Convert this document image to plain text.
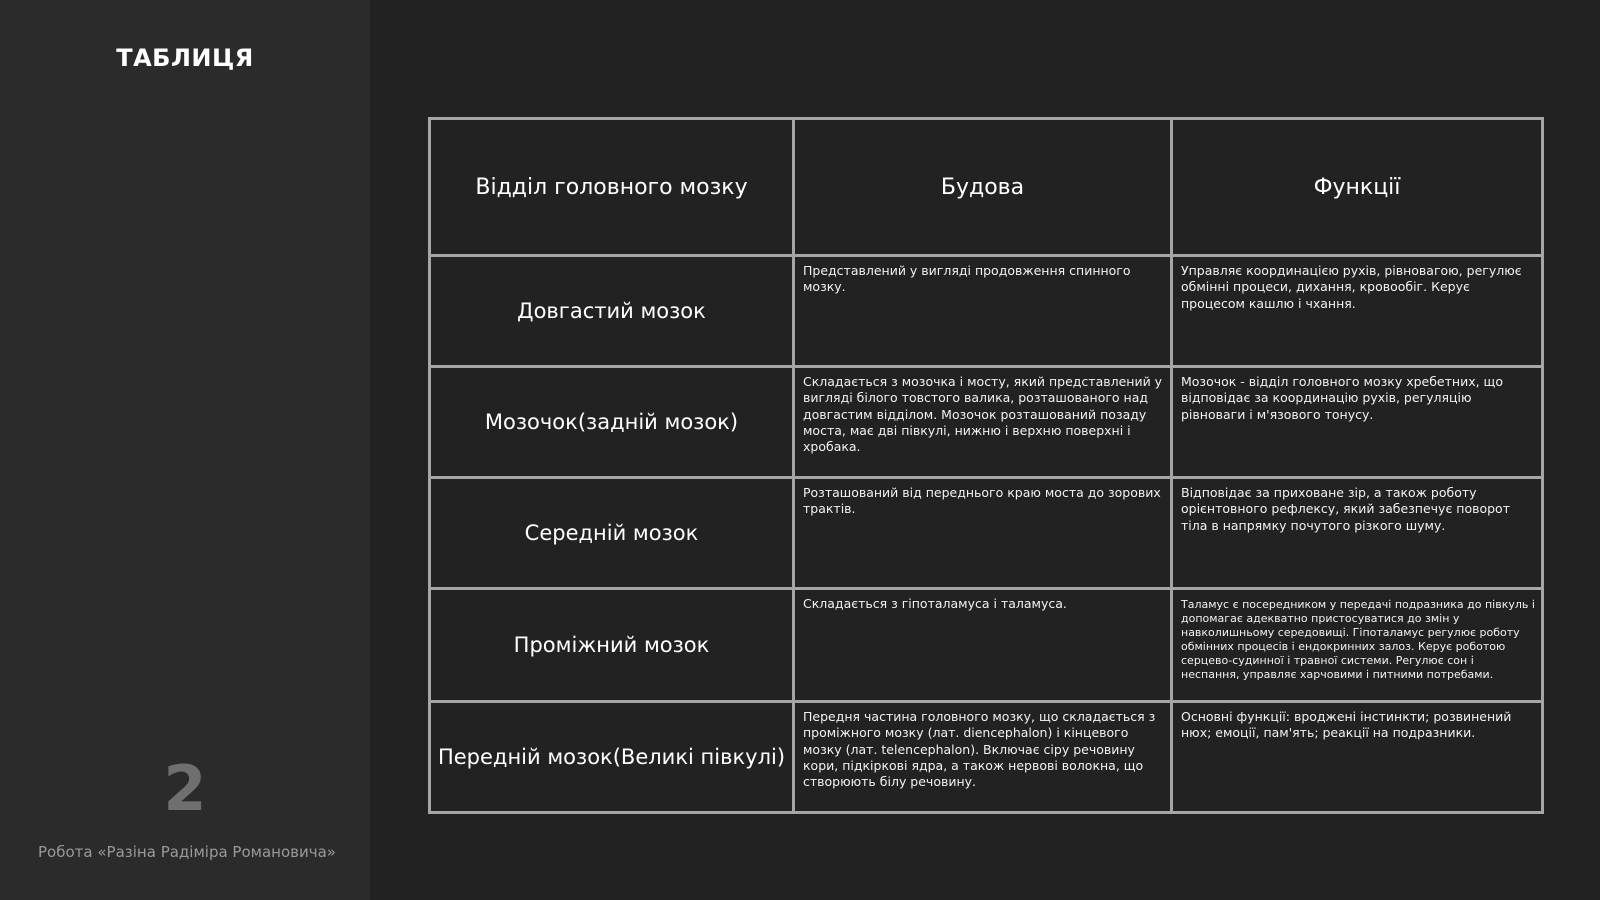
ТАБЛИЦЯ
2
Робота «Разіна Радіміра Романовича»
Відділ головного мозку	Будова	Функції
Довгастий мозок	Представлений у вигляді продовження спинного мозку.	Управляє координацією рухів, рівновагою, регулює обмінні процеси, дихання, кровообіг. Керує процесом кашлю і чхання.
Мозочок(задній мозок)	Складається з мозочка і мосту, який представлений у вигляді білого товстого валика, розташованого над довгастим відділом. Мозочок розташований позаду моста, має дві півкулі, нижню і верхню поверхні і хробака.	Мозочок - відділ головного мозку хребетних, що відповідає за координацію рухів, регуляцію рівноваги і м'язового тонусу.
Середній мозок	Розташований від переднього краю моста до зорових трактів.	Відповідає за приховане зір, а також роботу орієнтовного рефлексу, який забезпечує поворот тіла в напрямку почутого різкого шуму.
Проміжний мозок	Складається з гіпоталамуса і таламуса.	Таламус є посередником у передачі подразника до півкуль і допомагає адекватно пристосуватися до змін у навколишньому середовищі. Гіпоталамус регулює роботу обмінних процесів і ендокринних залоз. Керує роботою серцево-судинної і травної системи. Регулює сон і неспання, управляє харчовими і питними потребами.
Передній мозок(Великі півкулі)	Передня частина головного мозку, що складається з проміжного мозку (лат. diencephalon) і кінцевого мозку (лат. telencephalon). Включає сіру речовину кори, підкіркові ядра, а також нервові волокна, що створюють білу речовину.	Основні функції: вроджені інстинкти; розвинений нюх; емоції, пам'ять; реакції на подразники.
